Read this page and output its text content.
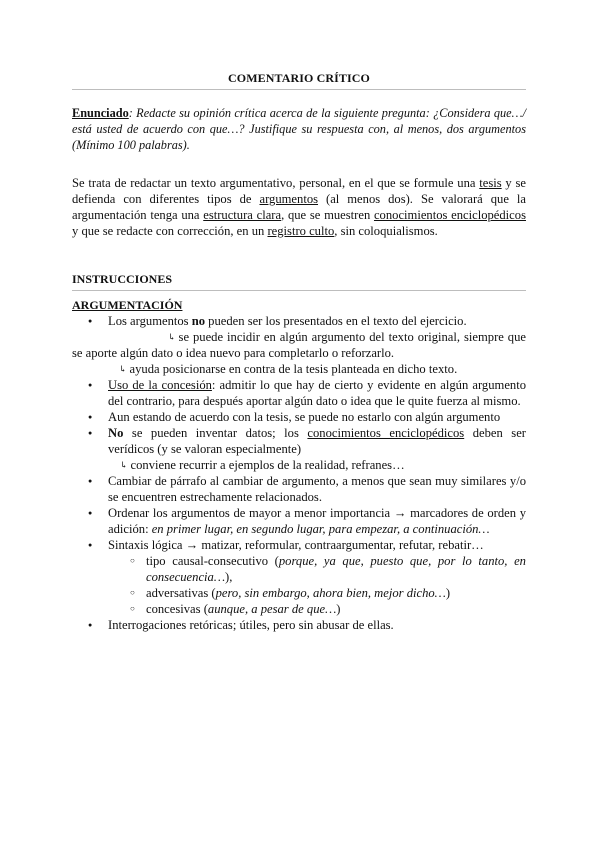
COMENTARIO CRÍTICO
Enunciado: Redacte su opinión crítica acerca de la siguiente pregunta: ¿Considera que…/ está usted de acuerdo con que…? Justifique su respuesta con, al menos, dos argumentos (Mínimo 100 palabras).
Se trata de redactar un texto argumentativo, personal, en el que se formule una tesis y se defienda con diferentes tipos de argumentos (al menos dos). Se valorará que la argumentación tenga una estructura clara, que se muestren conocimientos enciclopédicos y que se redacte con corrección, en un registro culto, sin coloquialismos.
INSTRUCCIONES
ARGUMENTACIÓN
● Los argumentos no pueden ser los presentados en el texto del ejercicio.
↳ se puede incidir en algún argumento del texto original, siempre que se aporte algún dato o idea nuevo para completarlo o reforzarlo.
↳ ayuda posicionarse en contra de la tesis planteada en dicho texto.
● Uso de la concesión: admitir lo que hay de cierto y evidente en algún argumento del contrario, para después aportar algún dato o idea que le quite fuerza al mismo.
● Aun estando de acuerdo con la tesis, se puede no estarlo con algún argumento
● No se pueden inventar datos; los conocimientos enciclopédicos deben ser verídicos (y se valoran especialmente)
↳ conviene recurrir a ejemplos de la realidad, refranes…
● Cambiar de párrafo al cambiar de argumento, a menos que sean muy similares y/o se encuentren estrechamente relacionados.
● Ordenar los argumentos de mayor a menor importancia → marcadores de orden y adición: en primer lugar, en segundo lugar, para empezar, a continuación…
● Sintaxis lógica → matizar, reformular, contraargumentar, refutar, rebatir…
○ tipo causal-consecutivo (porque, ya que, puesto que, por lo tanto, en consecuencia…),
○ adversativas (pero, sin embargo, ahora bien, mejor dicho…)
○ concesivas (aunque, a pesar de que…)
● Interrogaciones retóricas; útiles, pero sin abusar de ellas.
